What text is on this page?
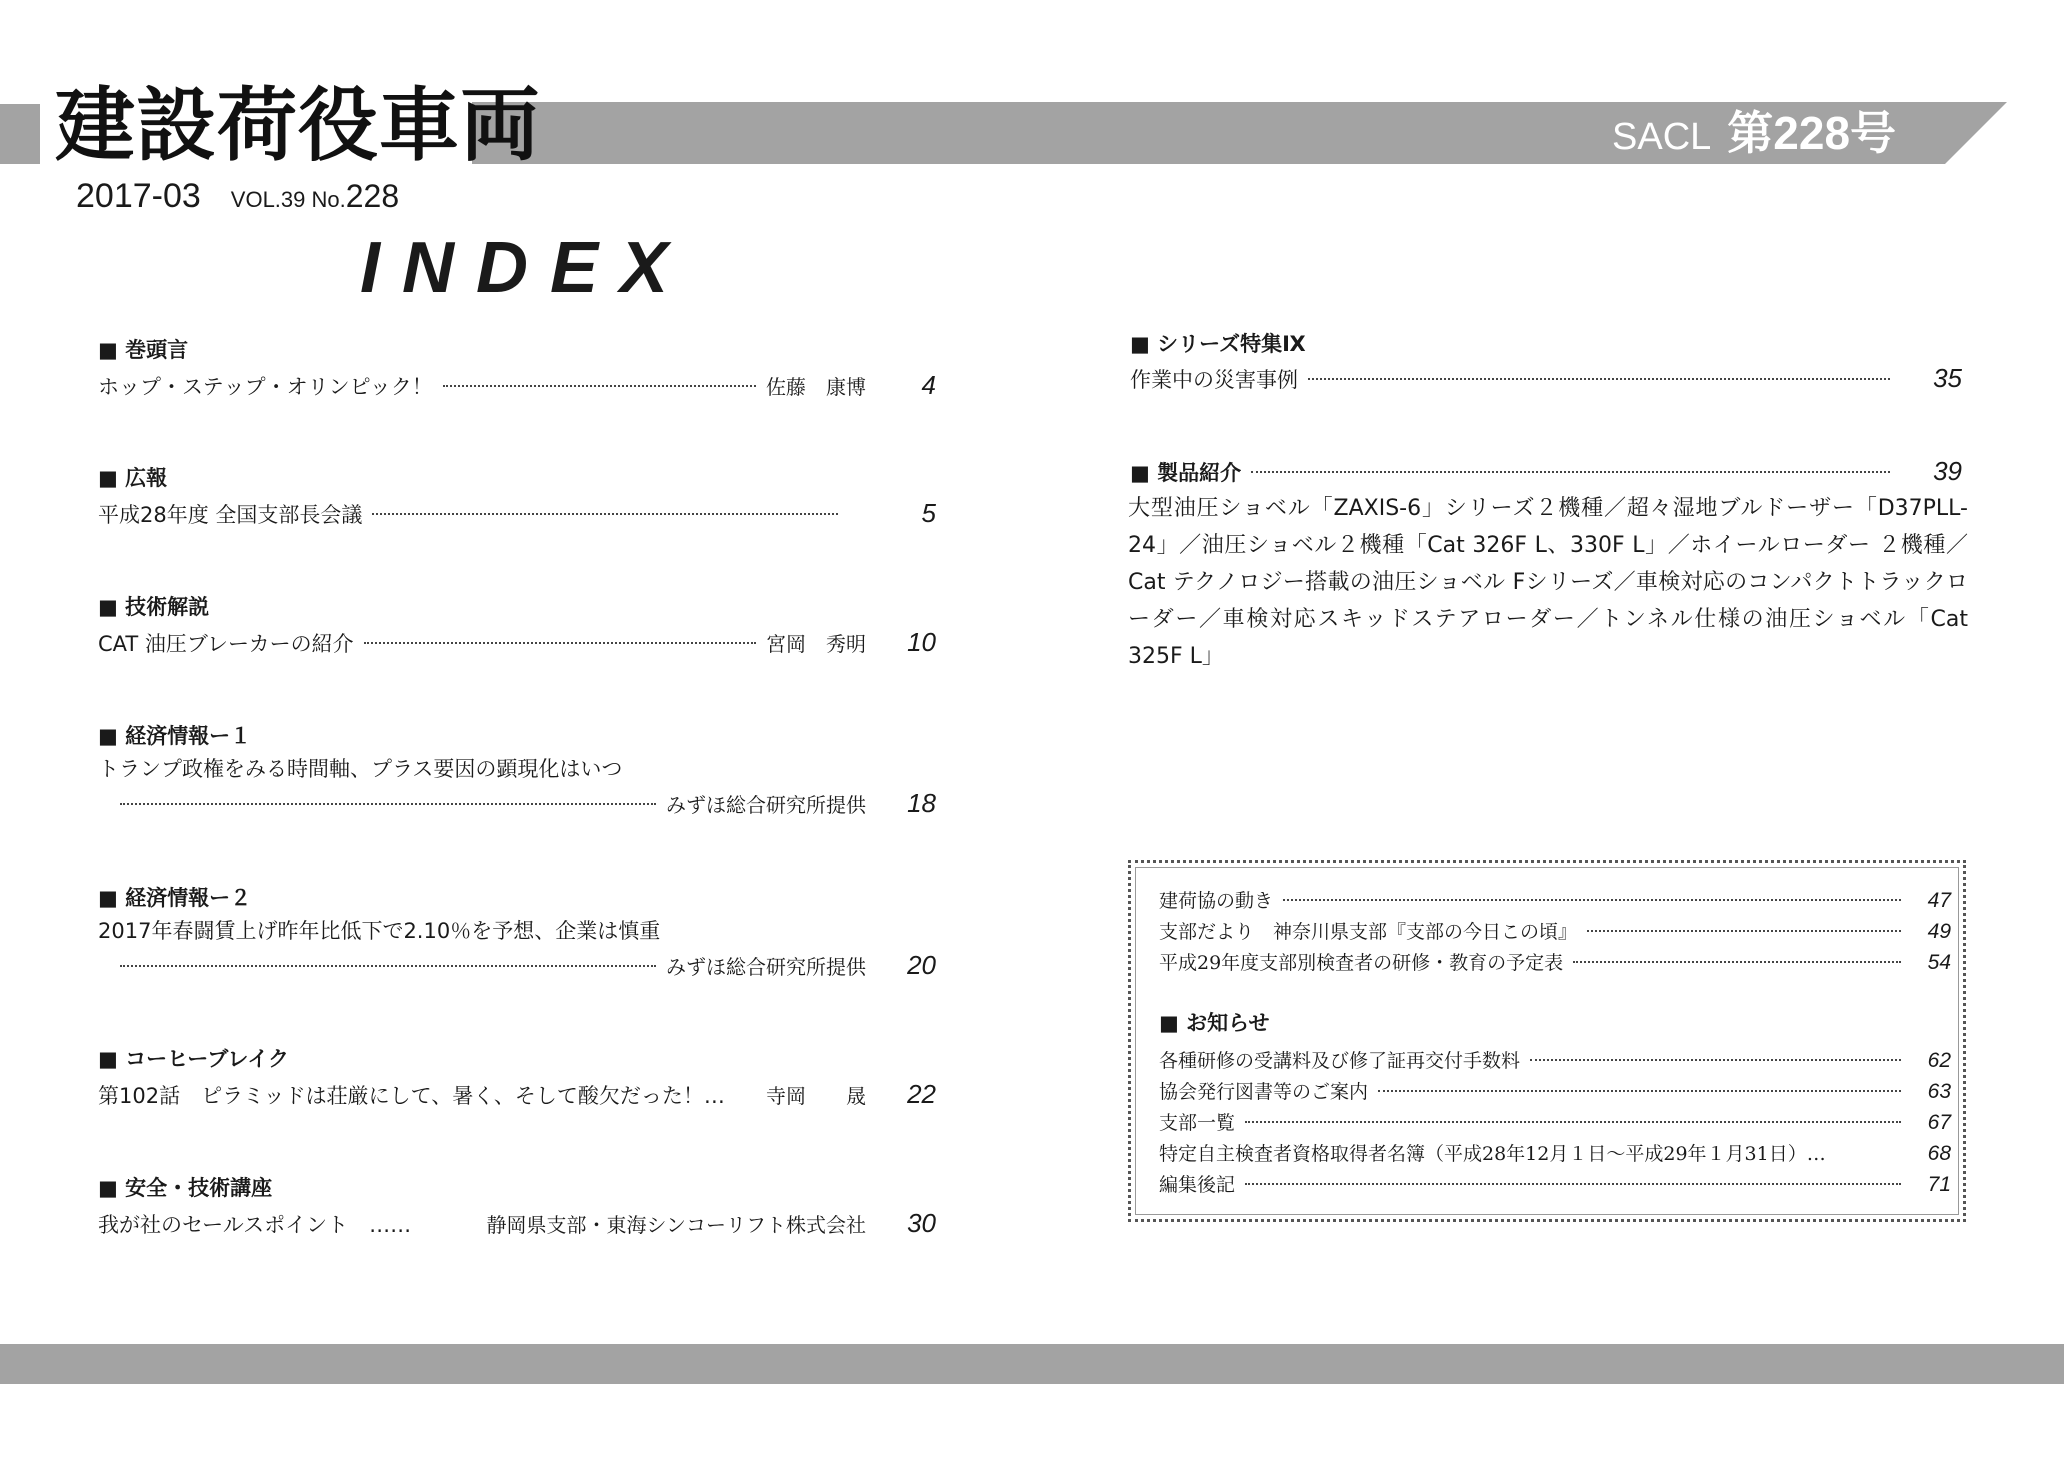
建設荷役車両	SACL 第228号
2017-03 VOL.39 No.228
INDEX
■ 巻頭言
ホップ・ステップ・オリンピック！	佐藤　康博	4
■ 広報
平成28年度 全国支部長会議	5
■ 技術解説
CAT 油圧ブレーカーの紹介	宮岡　秀明	10
■ 経済情報ー１
トランプ政権をみる時間軸、プラス要因の顕現化はいつ
みずほ総合研究所提供	18
■ 経済情報ー２
2017年春闘賃上げ昨年比低下で2.10％を予想、企業は慎重
みずほ総合研究所提供	20
■ コーヒーブレイク
第102話　ピラミッドは荘厳にして、暑く、そして酸欠だった！… 寺岡　　晟	22
■ 安全・技術講座
我が社のセールスポイント　……	静岡県支部・東海シンコーリフト株式会社	30
■ シリーズ特集Ⅸ
作業中の災害事例	35
■ 製品紹介	39
大型油圧ショベル「ZAXIS-6」シリーズ２機種／超々湿地ブルドーザー「D37PLL-24」／油圧ショベル２機種「Cat 326F L、330F L」／ホイールローダー ２機種／ Cat テクノロジー搭載の油圧ショベル Fシリーズ／車検対応のコンパクトトラックローダー／車検対応スキッドステアローダー／トンネル仕様の油圧ショベル「Cat 325F L」
建荷協の動き	47
支部だより　神奈川県支部『支部の今日この頃』	49
平成29年度支部別検査者の研修・教育の予定表	54
■ お知らせ
各種研修の受講料及び修了証再交付手数料	62
協会発行図書等のご案内	63
支部一覧	67
特定自主検査者資格取得者名簿（平成28年12月１日〜平成29年１月31日）…	68
編集後記	71
